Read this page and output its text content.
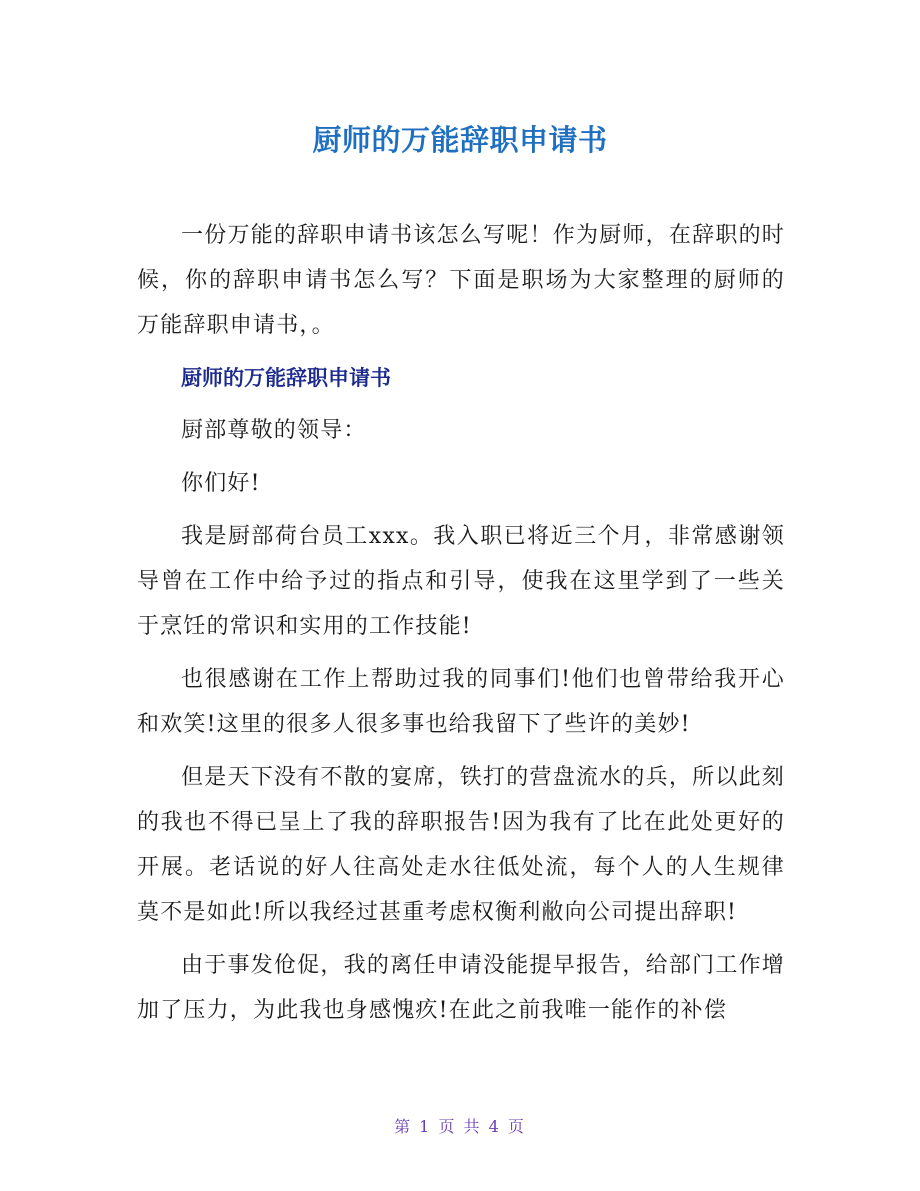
厨师的万能辞职申请书

一份万能的辞职申请书该怎么写呢！作为厨师，在辞职的时候，你的辞职申请书怎么写？下面是职场为大家整理的厨师的万能辞职申请书，。

厨师的万能辞职申请书

厨部尊敬的领导：

你们好!

我是厨部荷台员工xxx。我入职已将近三个月，非常感谢领导曾在工作中给予过的指点和引导，使我在这里学到了一些关于烹饪的常识和实用的工作技能!

也很感谢在工作上帮助过我的同事们!他们也曾带给我开心和欢笑!这里的很多人很多事也给我留下了些许的美妙!

但是天下没有不散的宴席，铁打的营盘流水的兵，所以此刻的我也不得已呈上了我的辞职报告!因为我有了比在此处更好的开展。老话说的好人往高处走水往低处流，每个人的人生规律莫不是如此!所以我经过甚重考虑权衡利敝向公司提出辞职!

由于事发伧促，我的离任申请没能提早报告，给部门工作增加了压力，为此我也身感愧疚!在此之前我唯一能作的补偿

第 1 页 共 4 页
